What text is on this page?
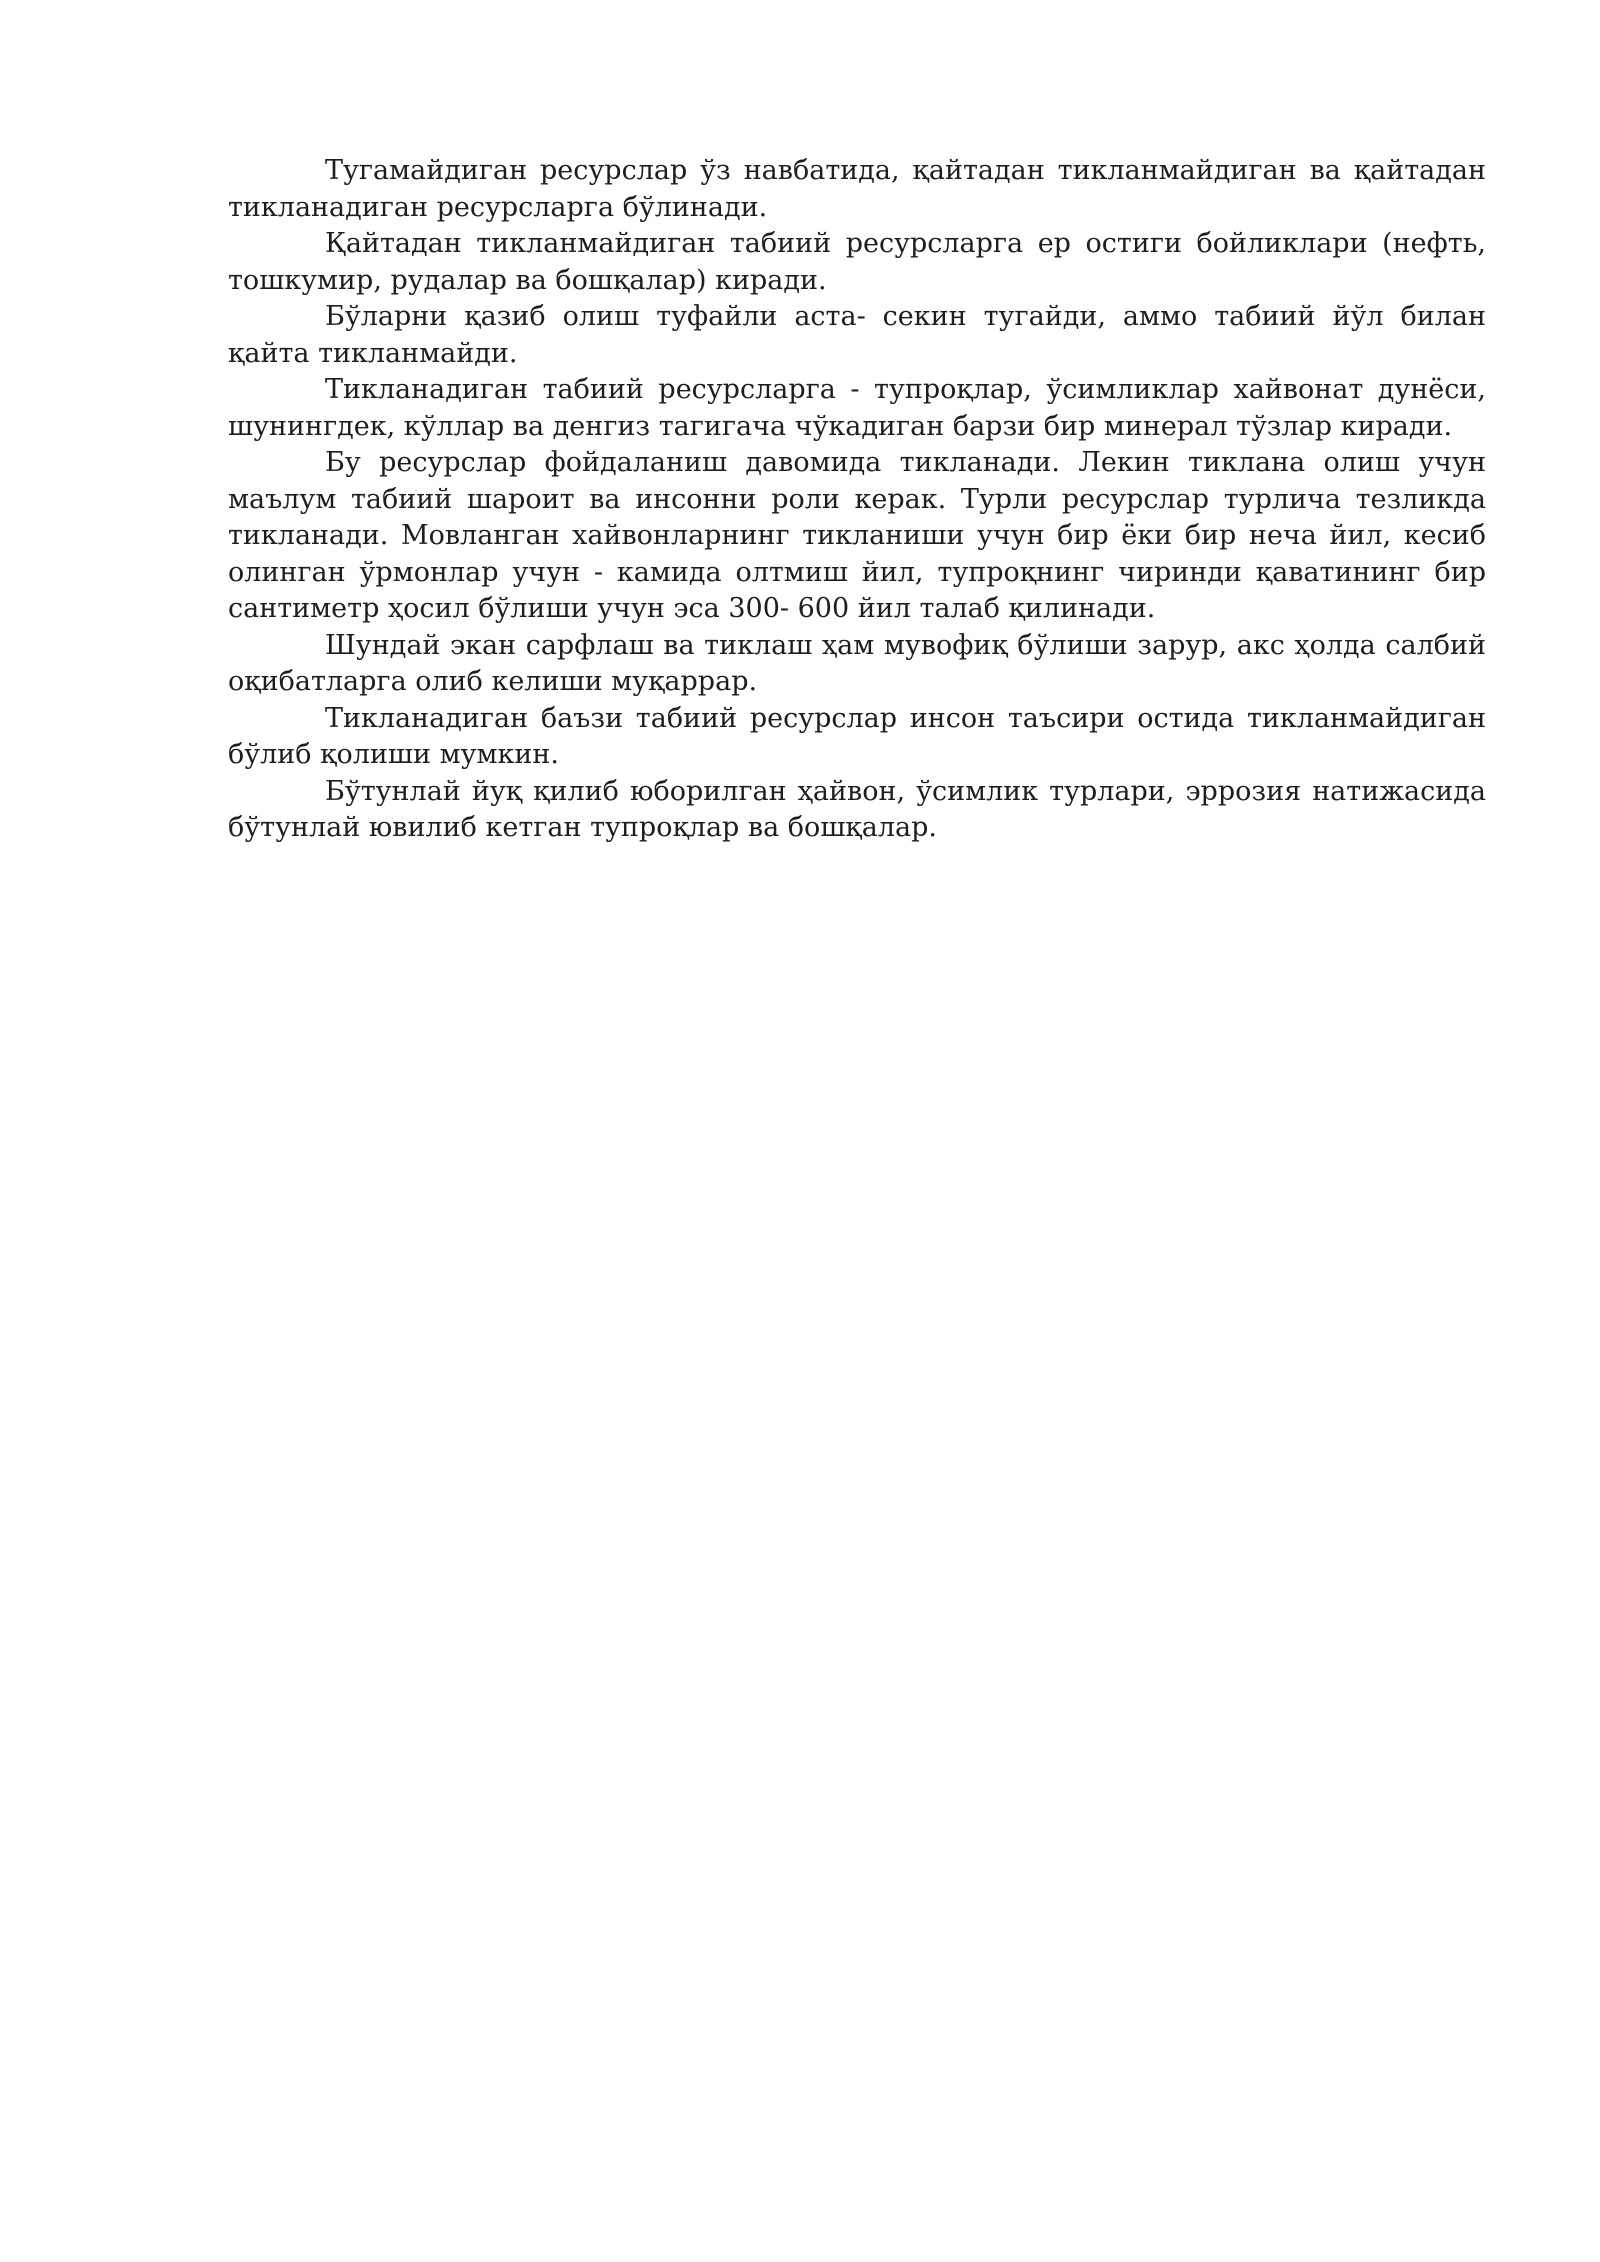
Тугамайдиган ресурслар ўз навбатида, қайтадан тикланмайдиган ва қайтадан тикланадиган ресурсларга бўлинади.

Қайтадан тикланмайдиган табиий ресурсларга ер остиги бойликлари (нефть, тошкумир, рудалар ва бошқалар) киради.

Бўларни қазиб олиш туфайли аста- секин тугайди, аммо табиий йўл билан қайта тикланмайди.

Тикланадиган табиий ресурсларга - тупроқлар, ўсимликлар хайвонат дунёси, шунингдек, кўллар ва денгиз тагигача чўкадиган барзи бир минерал тўзлар киради.

Бу ресурслар фойдаланиш давомида тикланади. Лекин тиклана олиш учун маълум табиий шароит ва инсонни роли керак. Турли ресурслар турлича тезликда тикланади. Мовланган хайвонларнинг тикланиши учун бир ёки бир неча йил, кесиб олинган ўрмонлар учун - камида олтмиш йил, тупроқнинг чиринди қаватининг бир сантиметр ҳосил бўлиши учун эса 300- 600 йил талаб қилинади.

Шундай экан сарфлаш ва тиклаш ҳам мувофиқ бўлиши зарур, акс ҳолда салбий оқибатларга олиб келиши муқаррар.

Тикланадиган баъзи табиий ресурслар инсон таъсири остида тикланмайдиган бўлиб қолиши мумкин.

Бўтунлай йуқ қилиб юборилган ҳайвон, ўсимлик турлари, эррозия натижасида бўтунлай ювилиб кетган тупроқлар ва бошқалар.
